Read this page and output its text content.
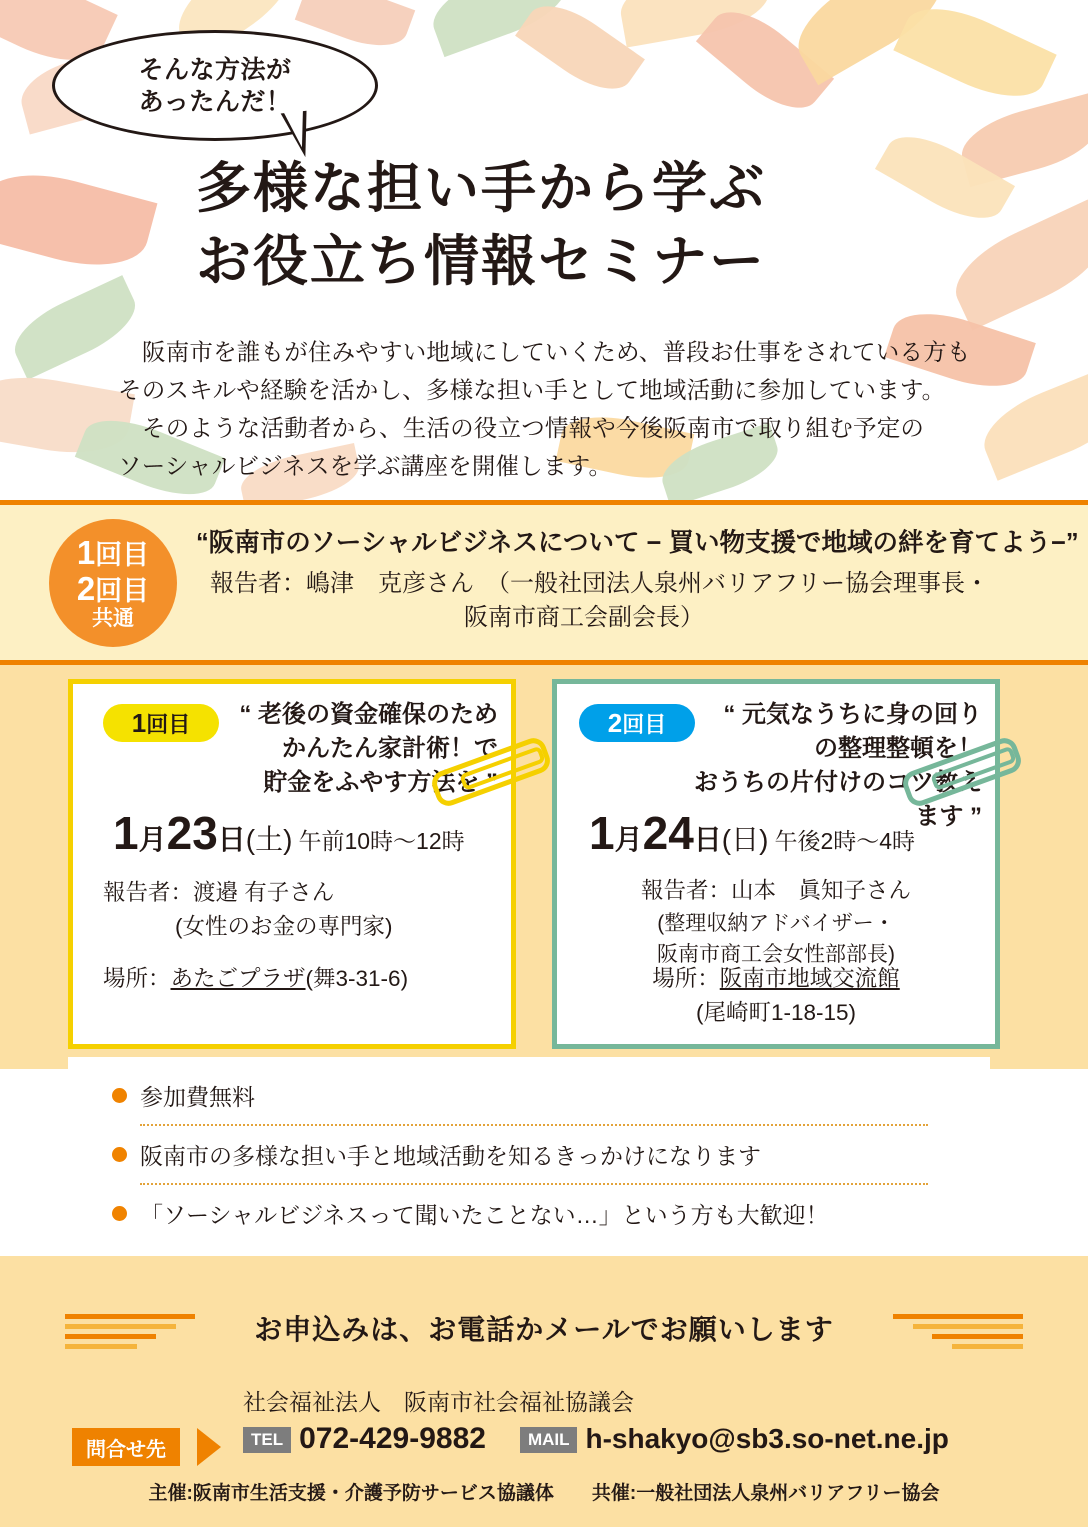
そんな方法が
あったんだ！
多様な担い手から学ぶ
お役立ち情報セミナー

阪南市を誰もが住みやすい地域にしていくため、普段お仕事をされている方も

そのスキルや経験を活かし、多様な担い手として地域活動に参加しています。

そのような活動者から、生活の役立つ情報や今後阪南市で取り組む予定の

ソーシャルビジネスを学ぶ講座を開催します。

1回目
2回目
共通
“阪南市のソーシャルビジネスについて − 買い物支援で地域の絆を育てよう−”
報告者：嶋津　克彦さん　（一般社団法人泉州バリアフリー協会理事長・
阪南市商工会副会長）
1 回目	“ 老後の資金確保のため
かんたん家計術！で
貯金をふやす方法を ”
1月23日(土) 午前10時〜12時
報告者：渡邉 有子さん
(女性のお金の専門家)
場所：あたごプラザ(舞3-31-6)
2 回目	“ 元気なうちに身の回り
の整理整頓を！
おうちの片付けのコツ教えます ”
1月24日(日) 午後2時〜4時
報告者：山本　眞知子さん
(整理収納アドバイザー・
阪南市商工会女性部部長)
場所：阪南市地域交流館
(尾崎町1-18-15)
参加費無料
阪南市の多様な担い手と地域活動を知るきっかけになります
「ソーシャルビジネスって聞いたことない…」という方も大歓迎！
お申込みは、お電話かメールでお願いします
社会福祉法人　阪南市社会福祉協議会
問合せ先	TEL 072-429-9882 MAIL h-shakyo@sb3.so-net.ne.jp
主催:阪南市生活支援・介護予防サービス協議体 共催:一般社団法人泉州バリアフリー協会
